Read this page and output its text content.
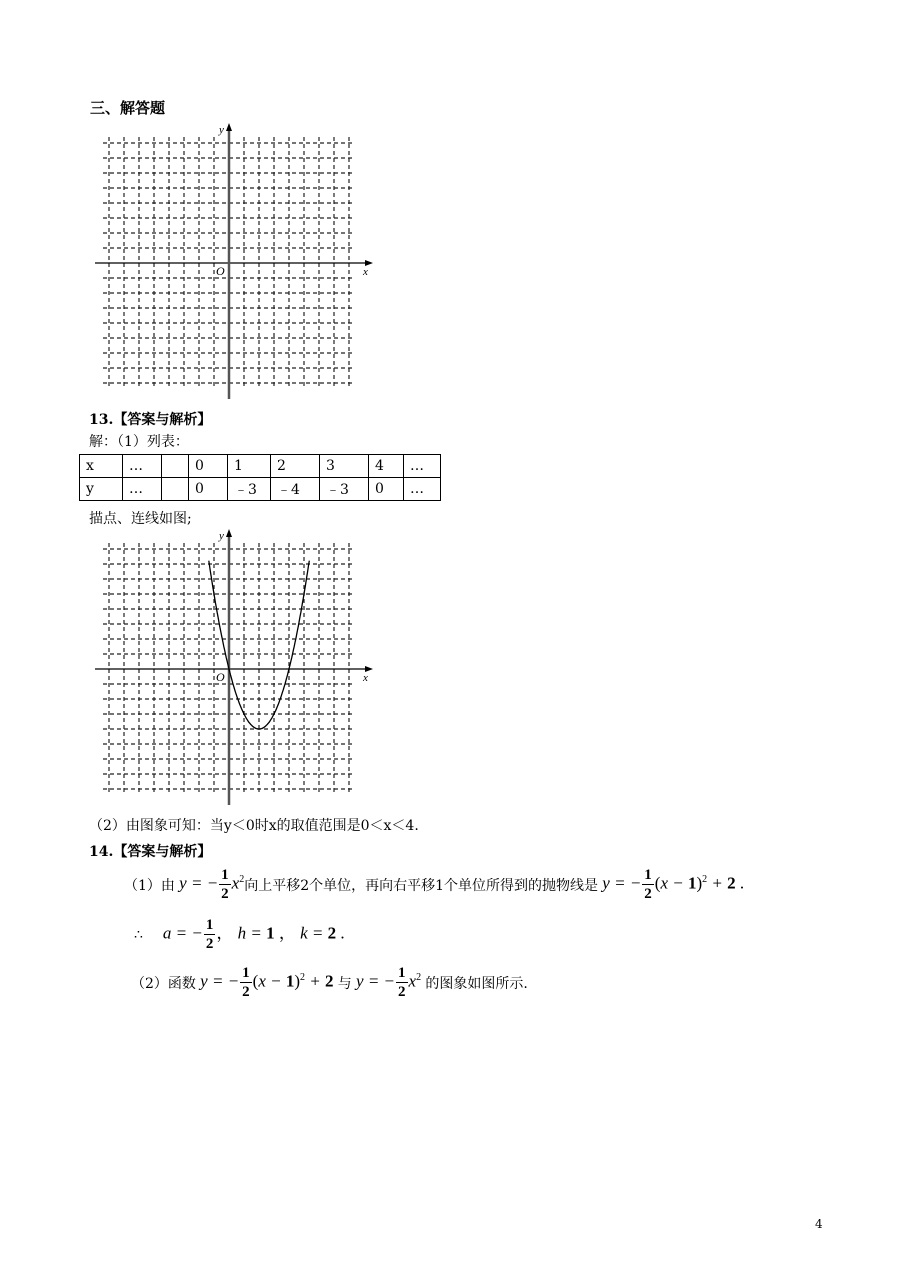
三、解答题
x
y
O
13.【答案与解析】
解：（1）列表：
x	…		0	1	2	3	4	…
y	…		0	﹣3	﹣4	﹣3	0	…
描点、连线如图;
x
y
O
（2）由图象可知：当y＜0时x的取值范围是0＜x＜4.
14.【答案与解析】
（1）由 y = − $\frac{1}{2} x^2$ 向上平移2个单位，再向右平移1个单位所得到的抛物线是 y = − $\frac{1}{2} (x - 1)^2 + 2$ .
∴ a = − $\frac{1}{2}$ ， h = 1 ， k = 2 .
（2）函数 y = − $\frac{1}{2} (x - 1)^2 + 2$ 与 y = − $\frac{1}{2} x^2$ 的图象如图所示.
4
